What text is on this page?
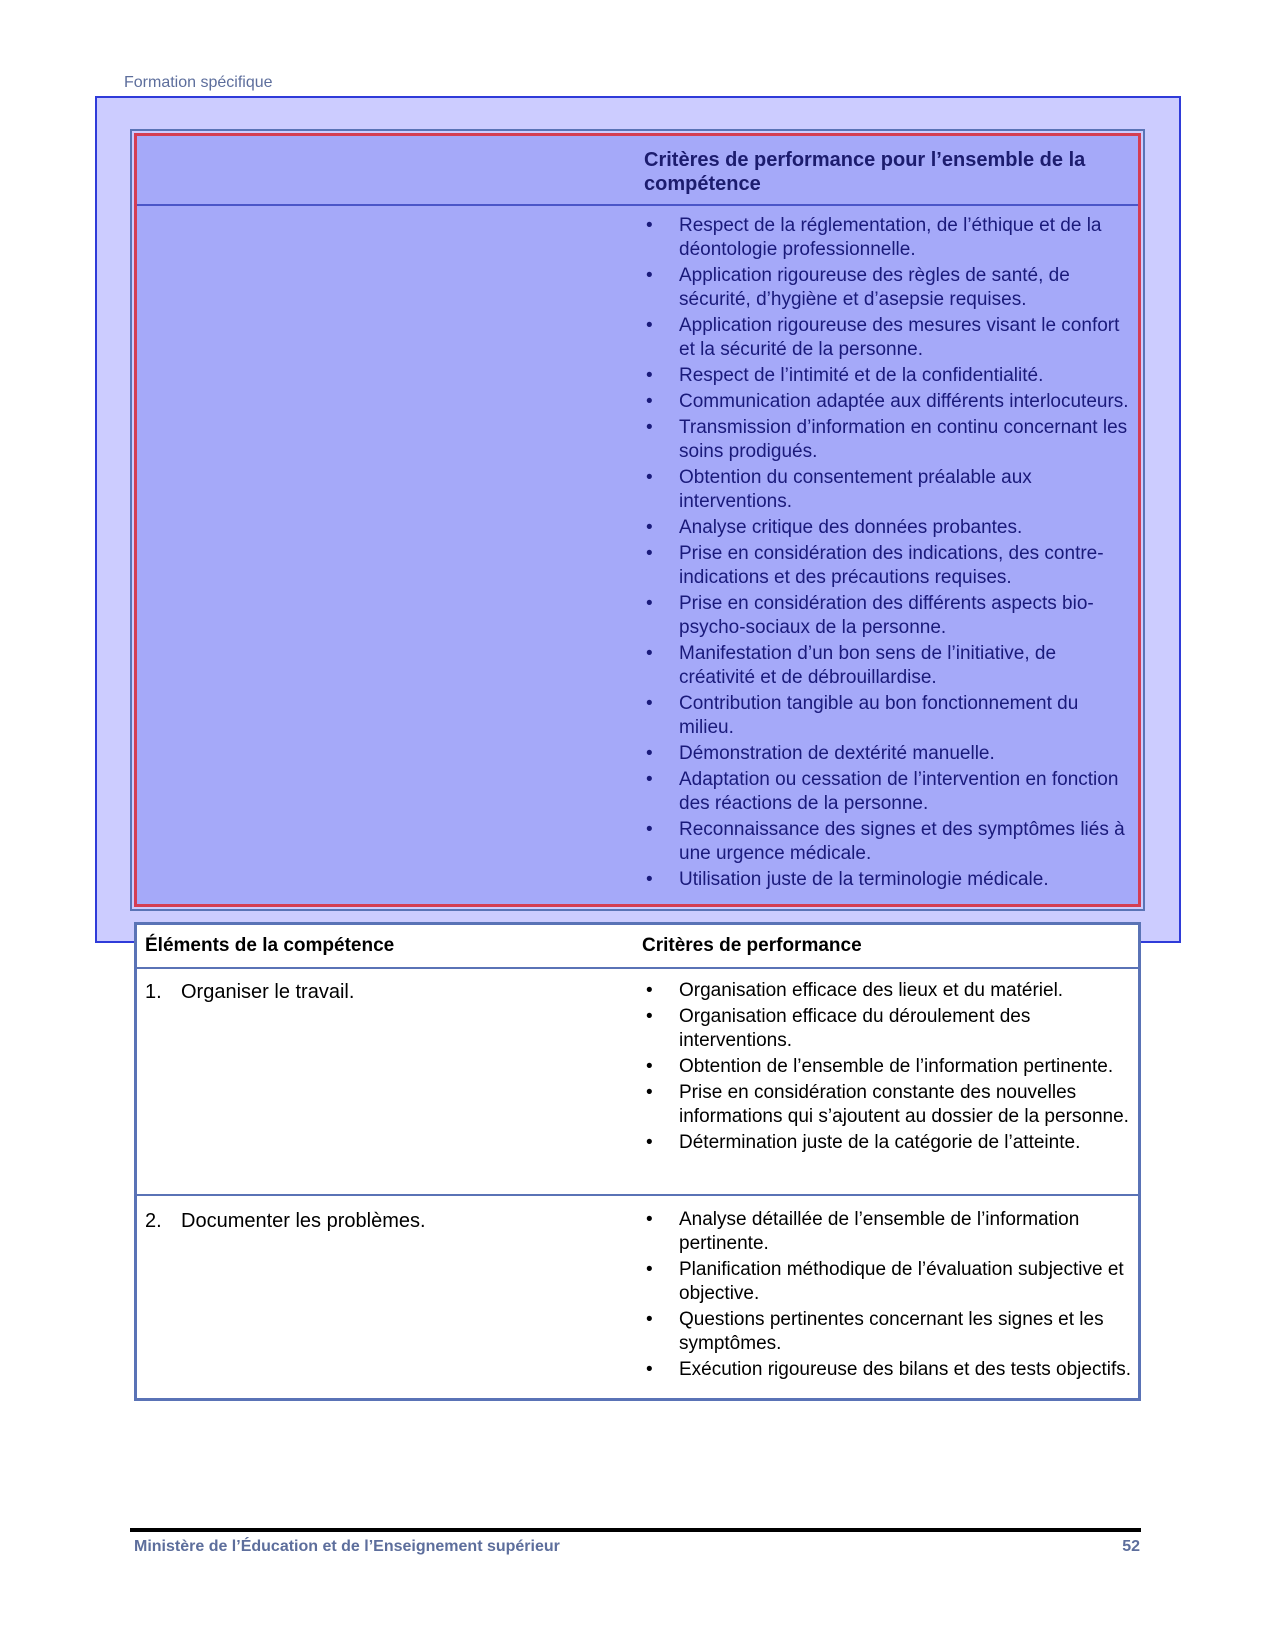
Formation spécifique
Critères de performance pour l’ensemble de la compétence
• Respect de la réglementation, de l’éthique et de la déontologie professionnelle.
• Application rigoureuse des règles de santé, de sécurité, d’hygiène et d’asepsie requises.
• Application rigoureuse des mesures visant le confort et la sécurité de la personne.
• Respect de l’intimité et de la confidentialité.
• Communication adaptée aux différents interlocuteurs.
• Transmission d’information en continu concernant les soins prodigués.
• Obtention du consentement préalable aux interventions.
• Analyse critique des données probantes.
• Prise en considération des indications, des contre-indications et des précautions requises.
• Prise en considération des différents aspects bio-psycho-sociaux de la personne.
• Manifestation d’un bon sens de l’initiative, de créativité et de débrouillardise.
• Contribution tangible au bon fonctionnement du milieu.
• Démonstration de dextérité manuelle.
• Adaptation ou cessation de l’intervention en fonction des réactions de la personne.
• Reconnaissance des signes et des symptômes liés à une urgence médicale.
• Utilisation juste de la terminologie médicale.
Éléments de la compétence	Critères de performance
1. Organiser le travail.	• Organisation efficace des lieux et du matériel.
• Organisation efficace du déroulement des interventions.
• Obtention de l’ensemble de l’information pertinente.
• Prise en considération constante des nouvelles informations qui s’ajoutent au dossier de la personne.
• Détermination juste de la catégorie de l’atteinte.
2. Documenter les problèmes.	• Analyse détaillée de l’ensemble de l’information pertinente.
• Planification méthodique de l’évaluation subjective et objective.
• Questions pertinentes concernant les signes et les symptômes.
• Exécution rigoureuse des bilans et des tests objectifs.
Ministère de l’Éducation et de l’Enseignement supérieur	52
